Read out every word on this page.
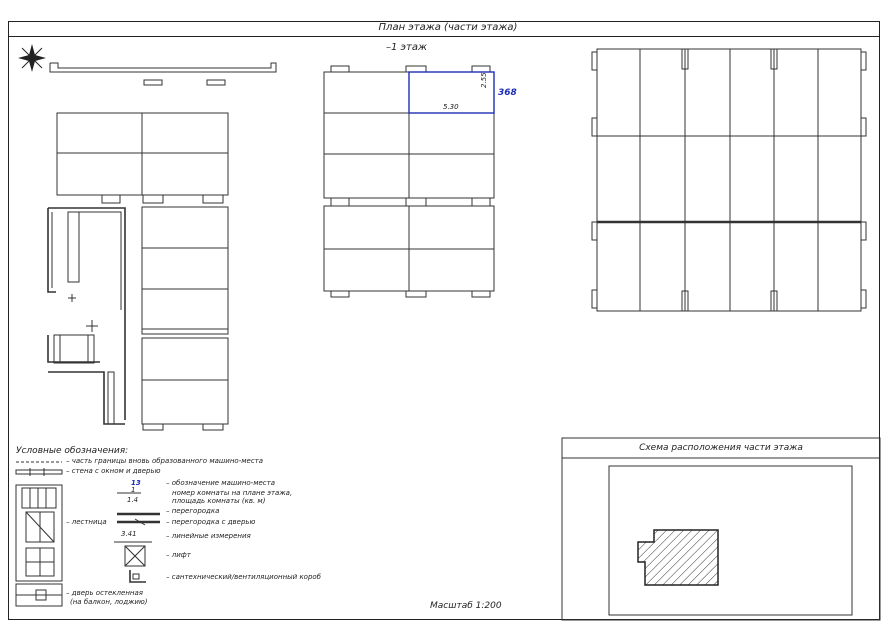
План этажа (части этажа)
–1 этаж
368
5.30
2.55
Условные обозначения:
– часть границы вновь образованного машино-места
– стена с окном и дверью
13	– обозначение машино-места
1
1.4
номер комнаты на плане этажа,
площадь комнаты (кв. м)
– перегородка
– перегородка с дверью
– лестница
3.41	– линейные измерения
– лифт
– сантехнический/вентиляционный короб
– дверь остекленная
(на балкон, лоджию)	Масштаб 1:200
Схема расположения части этажа
